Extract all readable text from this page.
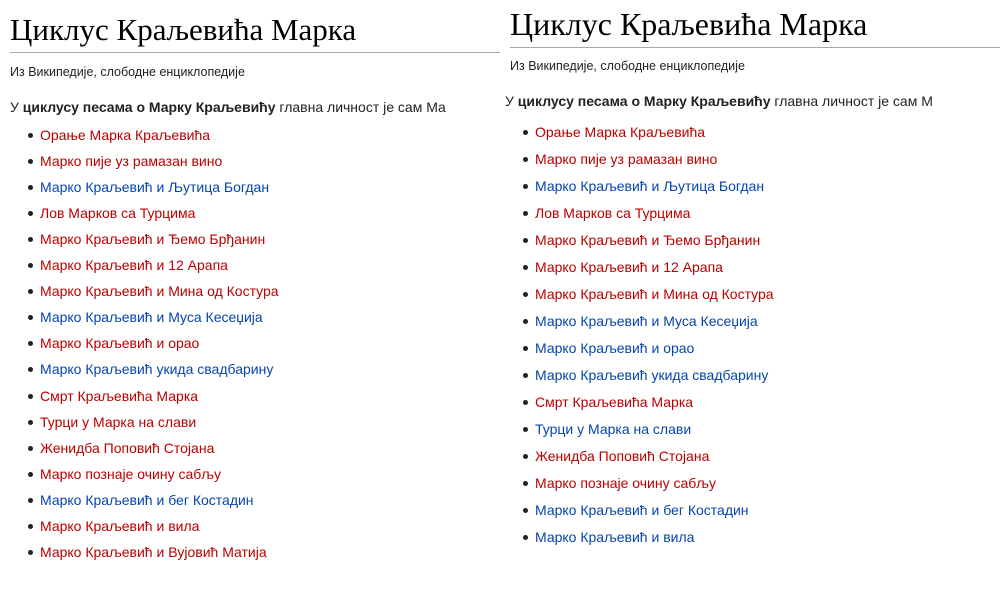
Циклус Краљевића Марка
Из Википедије, слободне енциклопедије
У циклусу песама о Марку Краљевићу главна личност је сам Ма
Орање Марка Краљевића
Марко пије уз рамазан вино
Марко Краљевић и Љутица Богдан
Лов Марков са Турцима
Марко Краљевић и Ђемо Брђанин
Марко Краљевић и 12 Арапа
Марко Краљевић и Мина од Костура
Марко Краљевић и Муса Кесеџија
Марко Краљевић и орао
Марко Краљевић укида свадбарину
Смрт Краљевића Марка
Турци у Марка на слави
Женидба Поповић Стојана
Марко познаје очину сабљу
Марко Краљевић и бег Костадин
Марко Краљевић и вила
Марко Краљевић и Вујовић Матија
Циклус Краљевића Марка
Из Википедије, слободне енциклопедије
У циклусу песама о Марку Краљевићу главна личност је сам М
Орање Марка Краљевића
Марко пије уз рамазан вино
Марко Краљевић и Љутица Богдан
Лов Марков са Турцима
Марко Краљевић и Ђемо Брђанин
Марко Краљевић и 12 Арапа
Марко Краљевић и Мина од Костура
Марко Краљевић и Муса Кесеџија
Марко Краљевић и орао
Марко Краљевић укида свадбарину
Смрт Краљевића Марка
Турци у Марка на слави
Женидба Поповић Стојана
Марко познаје очину сабљу
Марко Краљевић и бег Костадин
Марко Краљевић и вила
